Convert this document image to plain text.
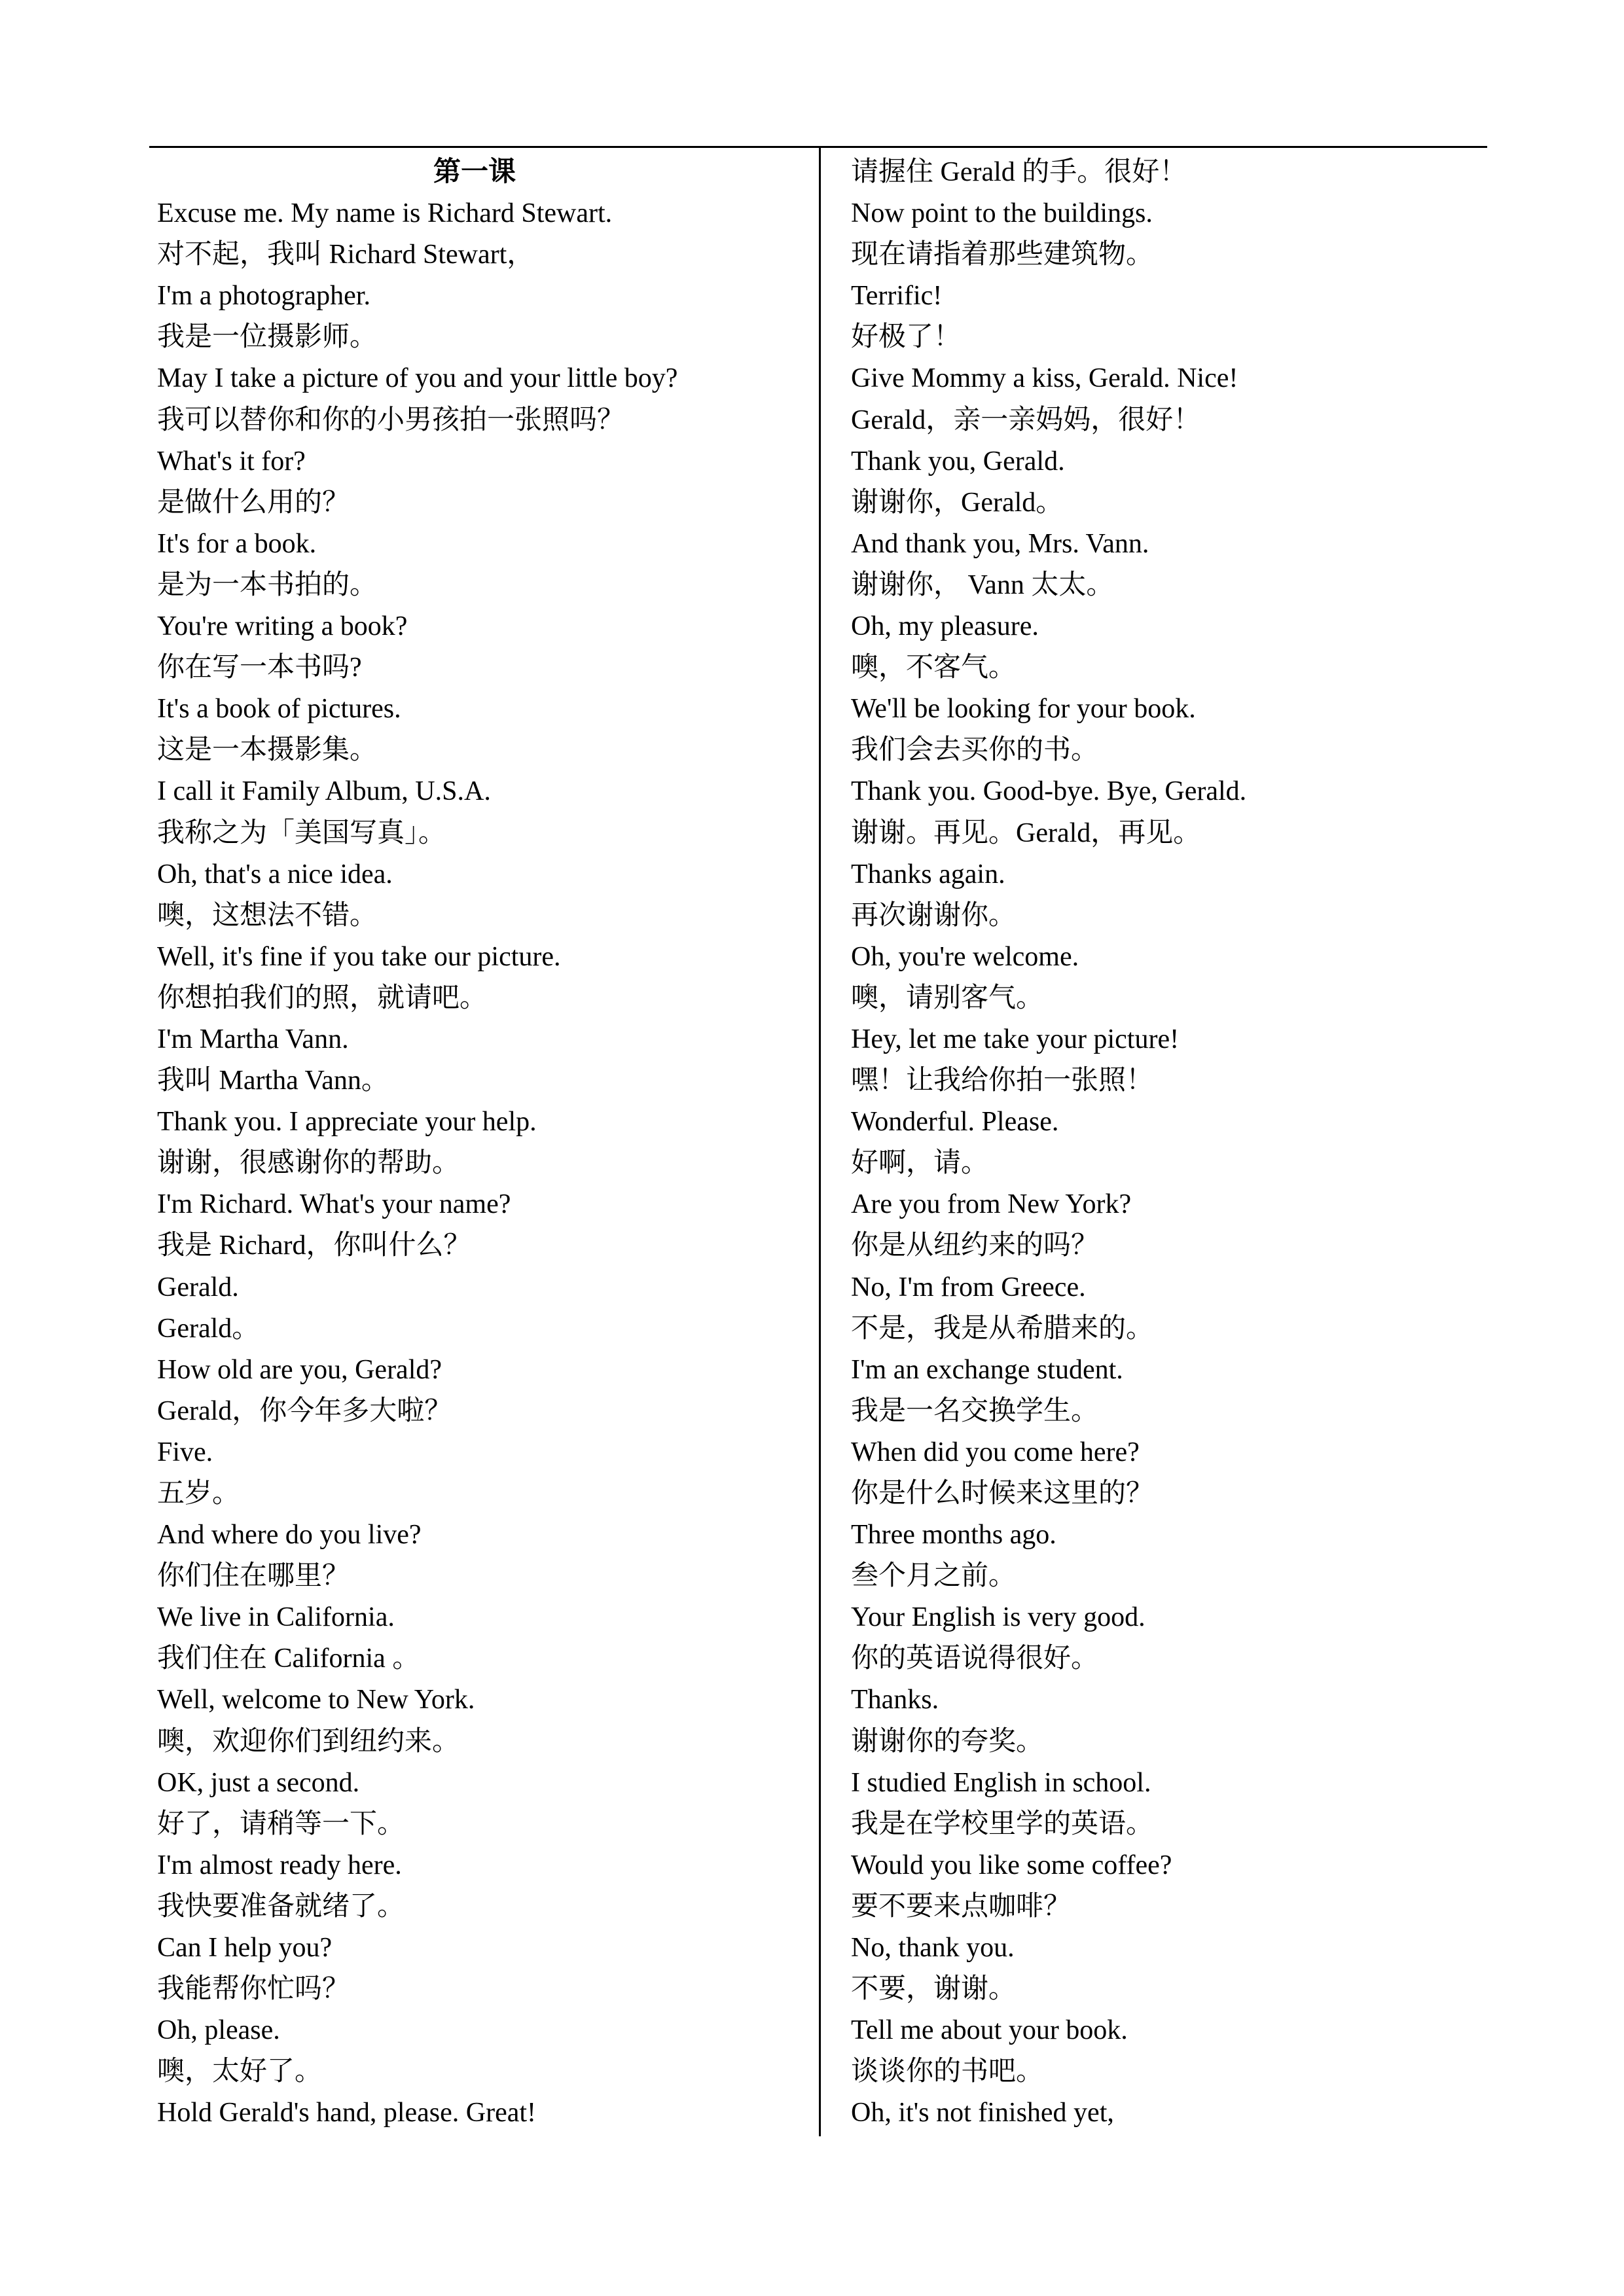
第一课
Excuse me. My name is Richard Stewart.
对不起，我叫 Richard Stewart，
I'm a photographer.
我是一位摄影师。
May I take a picture of you and your little boy?
我可以替你和你的小男孩拍一张照吗？
What's it for?
是做什么用的？
It's for a book.
是为一本书拍的。
You're writing a book?
你在写一本书吗?
It's a book of pictures.
这是一本摄影集。
I call it Family Album, U.S.A.
我称之为「美国写真」。
Oh, that's a nice idea.
噢，这想法不错。
Well, it's fine if you take our picture.
你想拍我们的照，就请吧。
I'm Martha Vann.
我叫 Martha Vann。
Thank you. I appreciate your help.
谢谢，很感谢你的帮助。
I'm Richard. What's your name?
我是 Richard，你叫什么？
Gerald.
Gerald。
How old are you, Gerald?
Gerald，你今年多大啦？
Five.
五岁。
And where do you live?
你们住在哪里？
We live in California.
我们住在 California 。
Well, welcome to New York.
噢，欢迎你们到纽约来。
OK, just a second.
好了，请稍等一下。
I'm almost ready here.
我快要准备就绪了。
Can I help you?
我能帮你忙吗？
Oh, please.
噢，太好了。
Hold Gerald's hand, please. Great!
请握住 Gerald 的手。很好！
Now point to the buildings.
现在请指着那些建筑物。
Terrific!
好极了！
Give Mommy a kiss, Gerald. Nice!
Gerald，亲一亲妈妈，很好！
Thank you, Gerald.
谢谢你，Gerald。
And thank you, Mrs. Vann.
谢谢你， Vann 太太。
Oh, my pleasure.
噢，不客气。
We'll be looking for your book.
我们会去买你的书。
Thank you. Good-bye. Bye, Gerald.
谢谢。再见。Gerald，再见。
Thanks again.
再次谢谢你。
Oh, you're welcome.
噢，请别客气。
Hey, let me take your picture!
嘿！让我给你拍一张照！
Wonderful. Please.
好啊，请。
Are you from New York?
你是从纽约来的吗？
No, I'm from Greece.
不是，我是从希腊来的。
I'm an exchange student.
我是一名交换学生。
When did you come here?
你是什么时候来这里的？
Three months ago.
叁个月之前。
Your English is very good.
你的英语说得很好。
Thanks.
谢谢你的夸奖。
I studied English in school.
我是在学校里学的英语。
Would you like some coffee?
要不要来点咖啡？
No, thank you.
不要，谢谢。
Tell me about your book.
谈谈你的书吧。
Oh, it's not finished yet,
